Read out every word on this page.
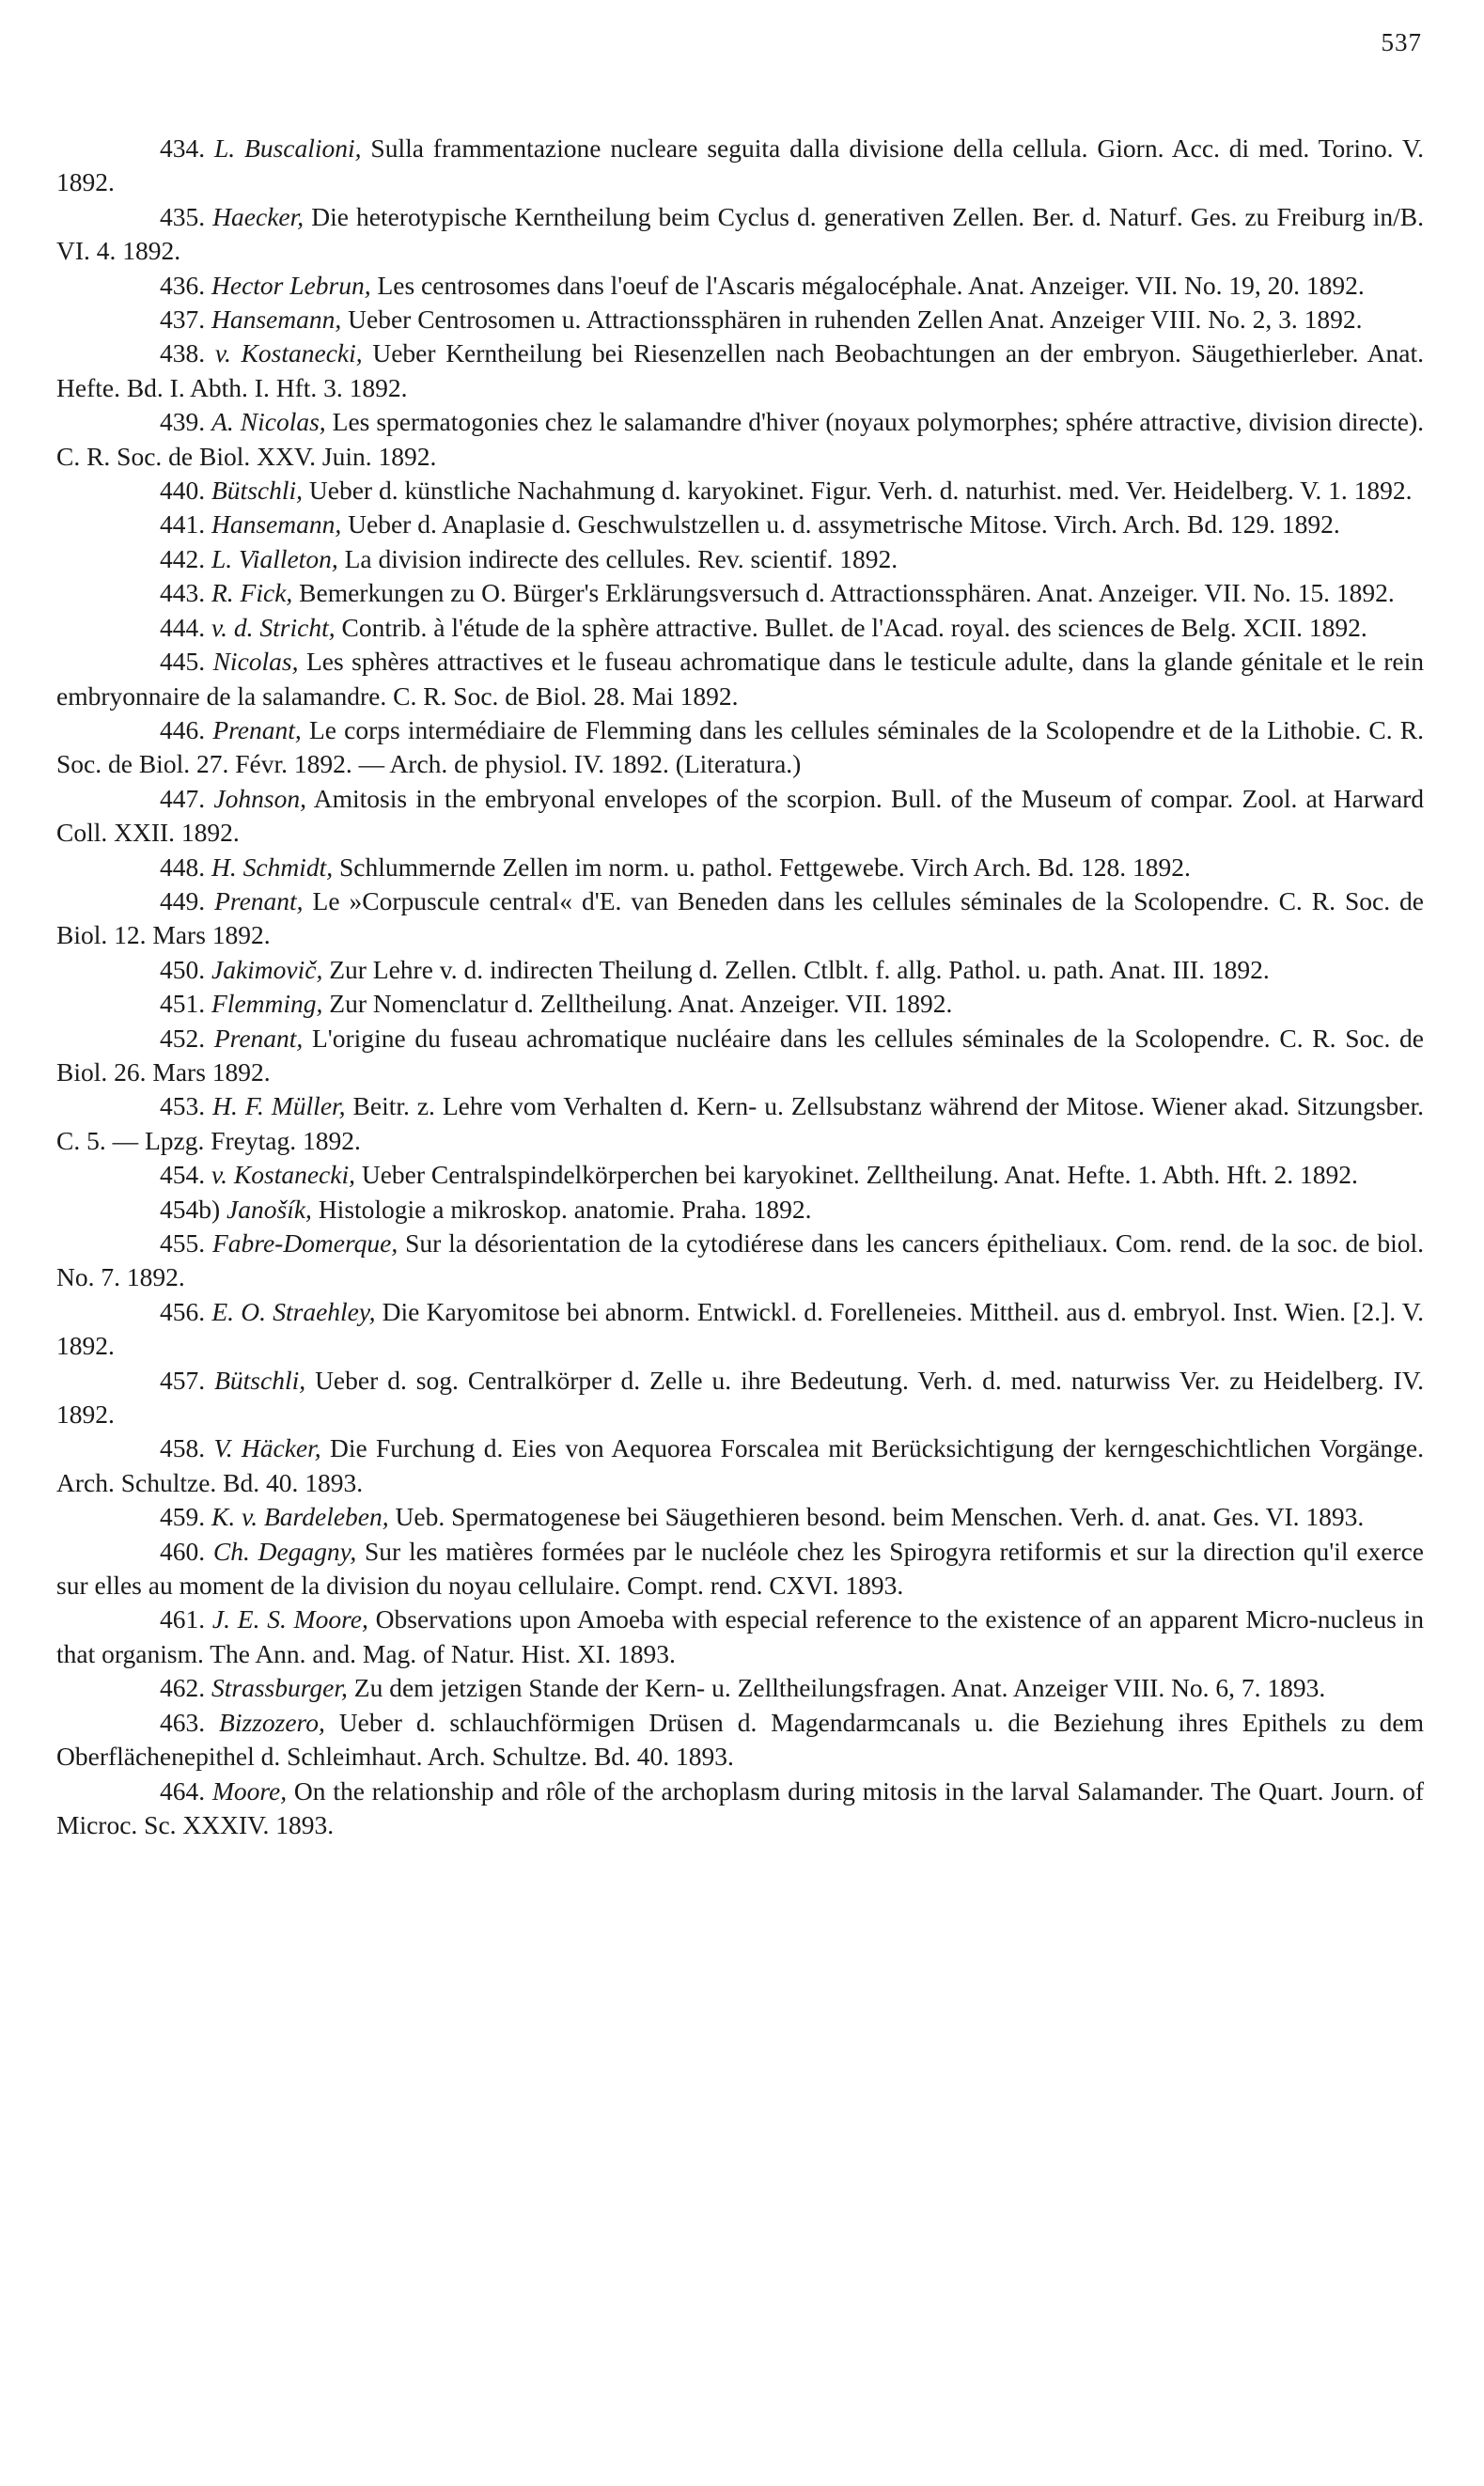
537

434. L. Buscalioni, Sulla frammentazione nucleare seguita dalla divisione della cellula. Giorn. Acc. di med. Torino. V. 1892.

435. Haecker, Die heterotypische Kerntheilung beim Cyclus d. generativen Zellen. Ber. d. Naturf. Ges. zu Freiburg in/B. VI. 4. 1892.

436. Hector Lebrun, Les centrosomes dans l'oeuf de l'Ascaris mégalocéphale. Anat. Anzeiger. VII. No. 19, 20. 1892.

437. Hansemann, Ueber Centrosomen u. Attractionssphären in ruhenden Zellen Anat. Anzeiger VIII. No. 2, 3. 1892.

438. v. Kostanecki, Ueber Kerntheilung bei Riesenzellen nach Beobachtungen an der embryon. Säugethierleber. Anat. Hefte. Bd. I. Abth. I. Hft. 3. 1892.

439. A. Nicolas, Les spermatogonies chez le salamandre d'hiver (noyaux polymorphes; sphére attractive, division directe). C. R. Soc. de Biol. XXV. Juin. 1892.

440. Bütschli, Ueber d. künstliche Nachahmung d. karyokinet. Figur. Verh. d. naturhist. med. Ver. Heidelberg. V. 1. 1892.

441. Hansemann, Ueber d. Anaplasie d. Geschwulstzellen u. d. assymetrische Mitose. Virch. Arch. Bd. 129. 1892.

442. L. Vialleton, La division indirecte des cellules. Rev. scientif. 1892.

443. R. Fick, Bemerkungen zu O. Bürger's Erklärungsversuch d. Attractionssphären. Anat. Anzeiger. VII. No. 15. 1892.

444. v. d. Stricht, Contrib. à l'étude de la sphère attractive. Bullet. de l'Acad. royal. des sciences de Belg. XCII. 1892.

445. Nicolas, Les sphères attractives et le fuseau achromatique dans le testicule adulte, dans la glande génitale et le rein embryonnaire de la salamandre. C. R. Soc. de Biol. 28. Mai 1892.

446. Prenant, Le corps intermédiaire de Flemming dans les cellules séminales de la Scolopendre et de la Lithobie. C. R. Soc. de Biol. 27. Févr. 1892. — Arch. de physiol. IV. 1892. (Literatura.)

447. Johnson, Amitosis in the embryonal envelopes of the scorpion. Bull. of the Museum of compar. Zool. at Harward Coll. XXII. 1892.

448. H. Schmidt, Schlummernde Zellen im norm. u. pathol. Fettgewebe. Virch Arch. Bd. 128. 1892.

449. Prenant, Le »Corpuscule central« d'E. van Beneden dans les cellules séminales de la Scolopendre. C. R. Soc. de Biol. 12. Mars 1892.

450. Jakimovič, Zur Lehre v. d. indirecten Theilung d. Zellen. Ctlblt. f. allg. Pathol. u. path. Anat. III. 1892.

451. Flemming, Zur Nomenclatur d. Zelltheilung. Anat. Anzeiger. VII. 1892.

452. Prenant, L'origine du fuseau achromatique nucléaire dans les cellules séminales de la Scolopendre. C. R. Soc. de Biol. 26. Mars 1892.

453. H. F. Müller, Beitr. z. Lehre vom Verhalten d. Kern- u. Zellsubstanz während der Mitose. Wiener akad. Sitzungsber. C. 5. — Lpzg. Freytag. 1892.

454. v. Kostanecki, Ueber Centralspindelkörperchen bei karyokinet. Zelltheilung. Anat. Hefte. 1. Abth. Hft. 2. 1892.

454b) Janošík, Histologie a mikroskop. anatomie. Praha. 1892.

455. Fabre-Domerque, Sur la désorientation de la cytodiérese dans les cancers épitheliaux. Com. rend. de la soc. de biol. No. 7. 1892.

456. E. O. Straehley, Die Karyomitose bei abnorm. Entwickl. d. Forelleneies. Mittheil. aus d. embryol. Inst. Wien. [2.]. V. 1892.

457. Bütschli, Ueber d. sog. Centralkörper d. Zelle u. ihre Bedeutung. Verh. d. med. naturwiss Ver. zu Heidelberg. IV. 1892.

458. V. Häcker, Die Furchung d. Eies von Aequorea Forscalea mit Berücksichtigung der kerngeschichtlichen Vorgänge. Arch. Schultze. Bd. 40. 1893.

459. K. v. Bardeleben, Ueb. Spermatogenese bei Säugethieren besond. beim Menschen. Verh. d. anat. Ges. VI. 1893.

460. Ch. Degagny, Sur les matières formées par le nucléole chez les Spirogyra retiformis et sur la direction qu'il exerce sur elles au moment de la division du noyau cellulaire. Compt. rend. CXVI. 1893.

461. J. E. S. Moore, Observations upon Amoeba with especial reference to the existence of an apparent Micro-nucleus in that organism. The Ann. and. Mag. of Natur. Hist. XI. 1893.

462. Strassburger, Zu dem jetzigen Stande der Kern- u. Zelltheilungsfragen. Anat. Anzeiger VIII. No. 6, 7. 1893.

463. Bizzozero, Ueber d. schlauchförmigen Drüsen d. Magendarmcanals u. die Beziehung ihres Epithels zu dem Oberflächenepithel d. Schleimhaut. Arch. Schultze. Bd. 40. 1893.

464. Moore, On the relationship and rôle of the archoplasm during mitosis in the larval Salamander. The Quart. Journ. of Microc. Sc. XXXIV. 1893.
